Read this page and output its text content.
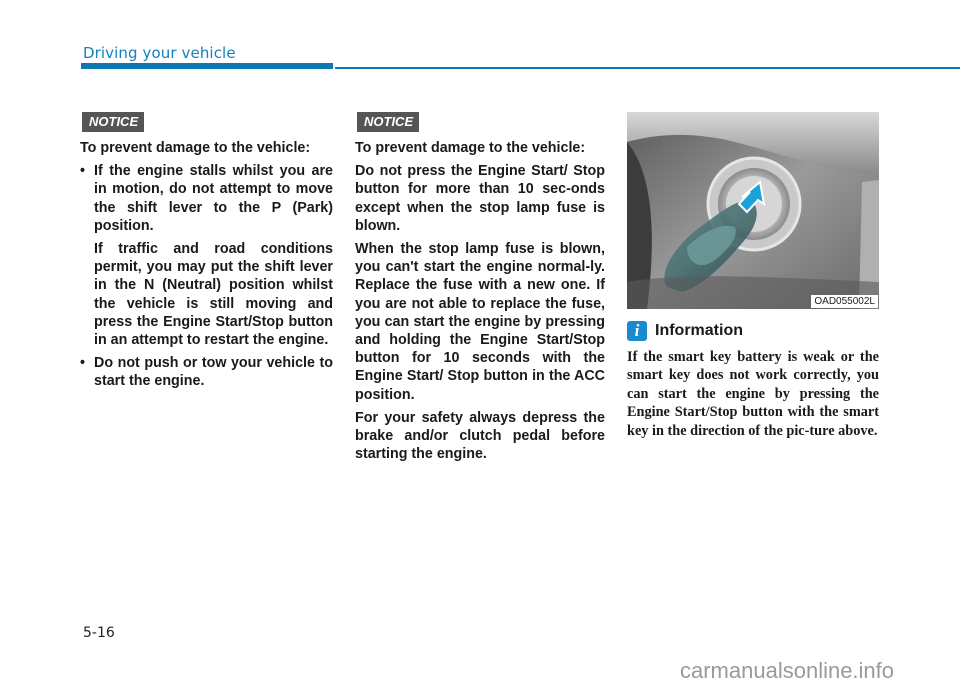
Driving your vehicle
NOTICE

To prevent damage to the vehicle:

• If the engine stalls whilst you are in motion, do not attempt to move the shift lever to the P (Park) position.

If traffic and road conditions permit, you may put the shift lever in the N (Neutral) position whilst the vehicle is still moving and press the Engine Start/Stop button in an attempt to restart the engine.

• Do not push or tow your vehicle to start the engine.

NOTICE

To prevent damage to the vehicle:

Do not press the Engine Start/ Stop button for more than 10 sec-onds except when the stop lamp fuse is blown.

When the stop lamp fuse is blown, you can't start the engine normal-ly. Replace the fuse with a new one. If you are not able to replace the fuse, you can start the engine by pressing and holding the Engine Start/Stop button for 10 seconds with the Engine Start/ Stop button in the ACC position.

For your safety always depress the brake and/or clutch pedal before starting the engine.

OAD055002L
i Information

If the smart key battery is weak or the smart key does not work correctly, you can start the engine by pressing the Engine Start/Stop button with the smart key in the direction of the pic-ture above.

5-16
carmanualsonline.info
